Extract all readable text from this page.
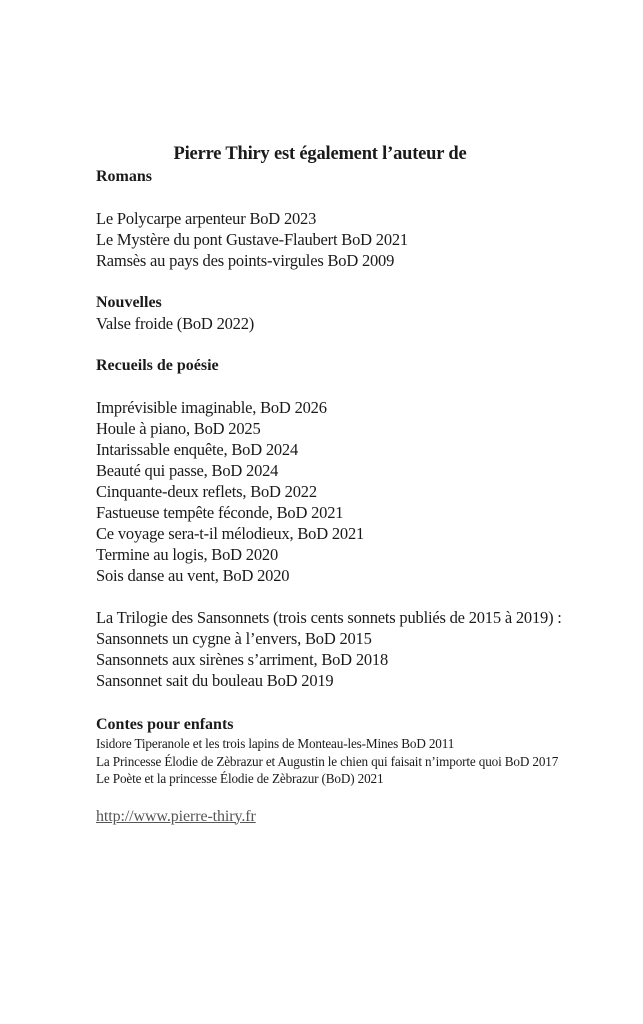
Pierre Thiry est également l’auteur de
Romans
Le Polycarpe arpenteur BoD 2023
Le Mystère du pont Gustave-Flaubert BoD 2021
Ramsès au pays des points-virgules BoD 2009
Nouvelles
Valse froide (BoD 2022)
Recueils de poésie
Imprévisible imaginable, BoD 2026
Houle à piano, BoD 2025
Intarissable enquête, BoD 2024
Beauté qui passe, BoD 2024
Cinquante-deux reflets, BoD 2022
Fastueuse tempête féconde, BoD 2021
Ce voyage sera-t-il mélodieux, BoD 2021
Termine au logis, BoD 2020
Sois danse au vent, BoD 2020

La Trilogie des Sansonnets (trois cents sonnets publiés de 2015 à 2019) :

Sansonnets un cygne à l’envers, BoD 2015
Sansonnets aux sirènes s’arriment, BoD 2018
Sansonnet sait du bouleau BoD 2019
Contes pour enfants
Isidore Tiperanole et les trois lapins de Monteau-les-Mines BoD 2011
La Princesse Élodie de Zèbrazur et Augustin le chien qui faisait n’importe quoi BoD 2017
Le Poète et la princesse Élodie de Zèbrazur (BoD) 2021
http://www.pierre-thiry.fr
